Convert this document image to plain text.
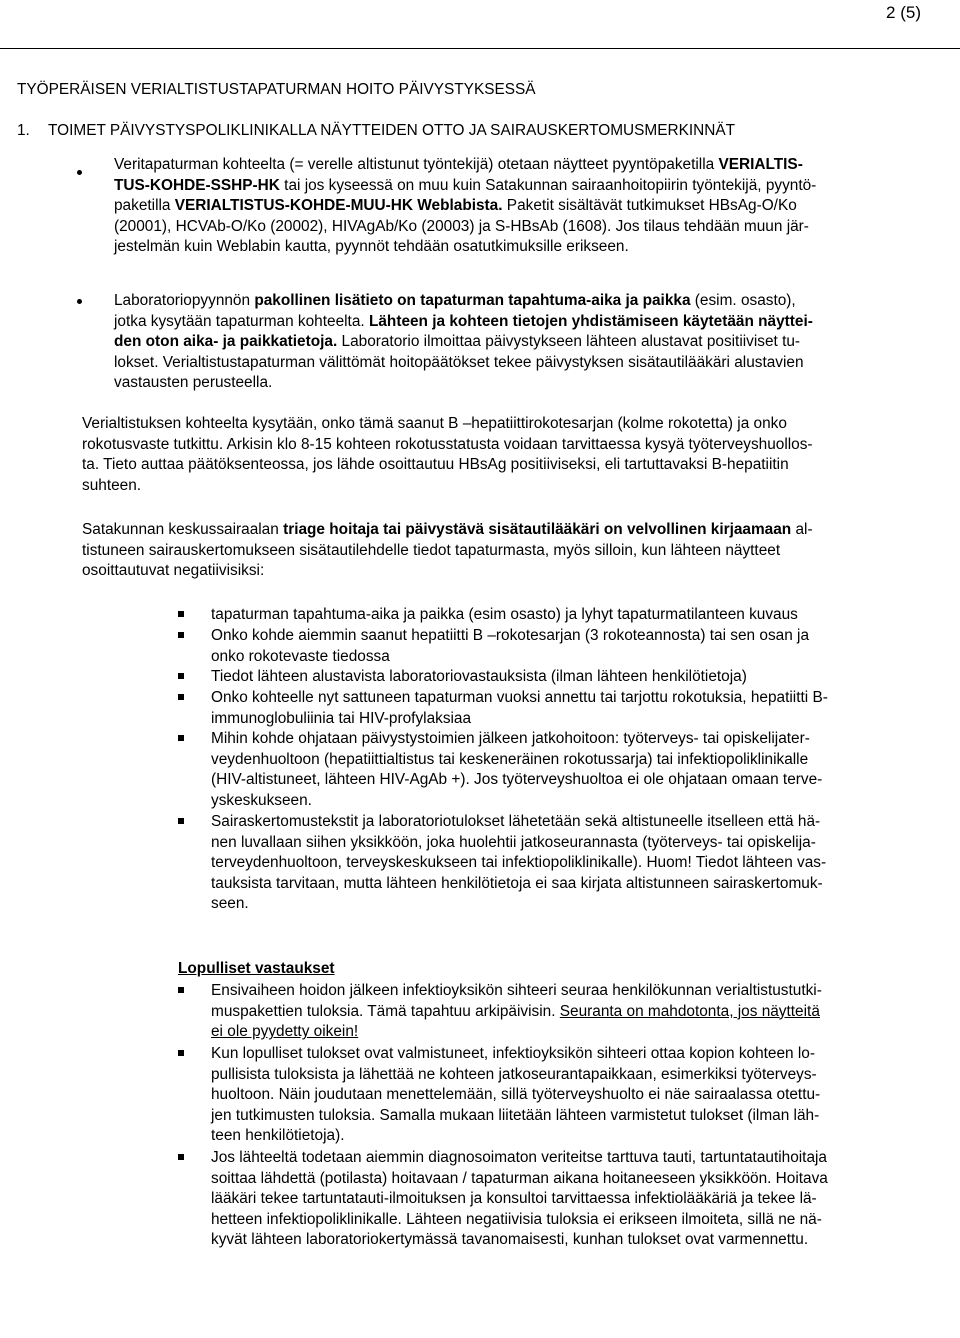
2 (5)
TYÖPERÄISEN VERIALTISTUSTAPATURMAN HOITO PÄIVYSTYKSESSÄ
1. TOIMET PÄIVYSTYSPOLIKLINIKALLA NÄYTTEIDEN OTTO JA SAIRAUSKERTOMUSMERKINNÄT
Veritapaturman kohteelta (= verelle altistunut työntekijä) otetaan näytteet pyyntöpaketilla VERIALTIS-
TUS-KOHDE-SSHP-HK tai jos kyseessä on muu kuin Satakunnan sairaanhoitopiirin työntekijä, pyyntö-
paketilla VERIALTISTUS-KOHDE-MUU-HK Weblabista. Paketit sisältävät tutkimukset HBsAg-O/Ko
(20001), HCVAb-O/Ko (20002), HIVAgAb/Ko (20003) ja S-HBsAb (1608). Jos tilaus tehdään muun jär-
jestelmän kuin Weblabin kautta, pyynnöt tehdään osatutkimuksille erikseen.
Laboratoriopyynnön pakollinen lisätieto on tapaturman tapahtuma-aika ja paikka (esim. osasto),
jotka kysytään tapaturman kohteelta. Lähteen ja kohteen tietojen yhdistämiseen käytetään näyttei-
den oton aika- ja paikkatietoja. Laboratorio ilmoittaa päivystykseen lähteen alustavat positiiviset tu-
lokset. Verialtistustapaturman välittömät hoitopäätökset tekee päivystyksen sisätautilääkäri alustavien
vastausten perusteella.
Verialtistuksen kohteelta kysytään, onko tämä saanut B –hepatiittirokotesarjan (kolme rokotetta) ja onko
rokotusvaste tutkittu. Arkisin klo 8-15 kohteen rokotusstatusta voidaan tarvittaessa kysyä työterveyshuollos-
ta. Tieto auttaa päätöksenteossa, jos lähde osoittautuu HBsAg positiiviseksi, eli tartuttavaksi B-hepatiitin
suhteen.
Satakunnan keskussairaalan triage hoitaja tai päivystävä sisätautilääkäri on velvollinen kirjaamaan al-
tistuneen sairauskertomukseen sisätautilehdelle tiedot tapaturmasta, myös silloin, kun lähteen näytteet
osoittautuvat negatiivisiksi:
tapaturman tapahtuma-aika ja paikka (esim osasto) ja lyhyt tapaturmatilanteen kuvaus
Onko kohde aiemmin saanut hepatiitti B –rokotesarjan (3 rokoteannosta) tai sen osan ja
onko rokotevaste tiedossa
Tiedot lähteen alustavista laboratoriovastauksista (ilman lähteen henkilötietoja)
Onko kohteelle nyt sattuneen tapaturman vuoksi annettu tai tarjottu rokotuksia, hepatiitti B-
immunoglobuliinia tai HIV-profylaksiaa
Mihin kohde ohjataan päivystystoimien jälkeen jatkohoitoon: työterveys- tai opiskelijater-
veydenhuoltoon (hepatiittialtistus tai keskeneräinen rokotussarja) tai infektiopoliklinikalle
(HIV-altistuneet, lähteen HIV-AgAb +). Jos työterveyshuoltoa ei ole ohjataan omaan terve-
yskeskukseen.
Sairaskertomustekstit ja laboratoriotulokset lähetetään sekä altistuneelle itselleen että hä-
nen luvallaan siihen yksikköön, joka huolehtii jatkoseurannasta (työterveys- tai opiskelija-
terveydenhuoltoon, terveyskeskukseen tai infektiopoliklinikalle). Huom! Tiedot lähteen vas-
tauksista tarvitaan, mutta lähteen henkilötietoja ei saa kirjata altistunneen sairaskertomuk-
seen.
Lopulliset vastaukset
Ensivaiheen hoidon jälkeen infektioyksikön sihteeri seuraa henkilökunnan verialtistustutki-
muspakettien tuloksia. Tämä tapahtuu arkipäivisin. Seuranta on mahdotonta, jos näytteitä
ei ole pyydetty oikein!
Kun lopulliset tulokset ovat valmistuneet, infektioyksikön sihteeri ottaa kopion kohteen lo-
pullisista tuloksista ja lähettää ne kohteen jatkoseurantapaikkaan, esimerkiksi työterveys-
huoltoon. Näin joudutaan menettelemään, sillä työterveyshuolto ei näe sairaalassa otettu-
jen tutkimusten tuloksia. Samalla mukaan liitetään lähteen varmistetut tulokset (ilman läh-
teen henkilötietoja).
Jos lähteeltä todetaan aiemmin diagnosoimaton veriteitse tarttuva tauti, tartuntatautihoitaja
soittaa lähdettä (potilasta) hoitavaan / tapaturman aikana hoitaneeseen yksikköön. Hoitava
lääkäri tekee tartuntatauti-ilmoituksen ja konsultoi tarvittaessa infektiolääkäriä ja tekee lä-
hetteen infektiopoliklinikalle. Lähteen negatiivisia tuloksia ei erikseen ilmoiteta, sillä ne nä-
kyvät lähteen laboratoriokertymässä tavanomaisesti, kunhan tulokset ovat varmennettu.
